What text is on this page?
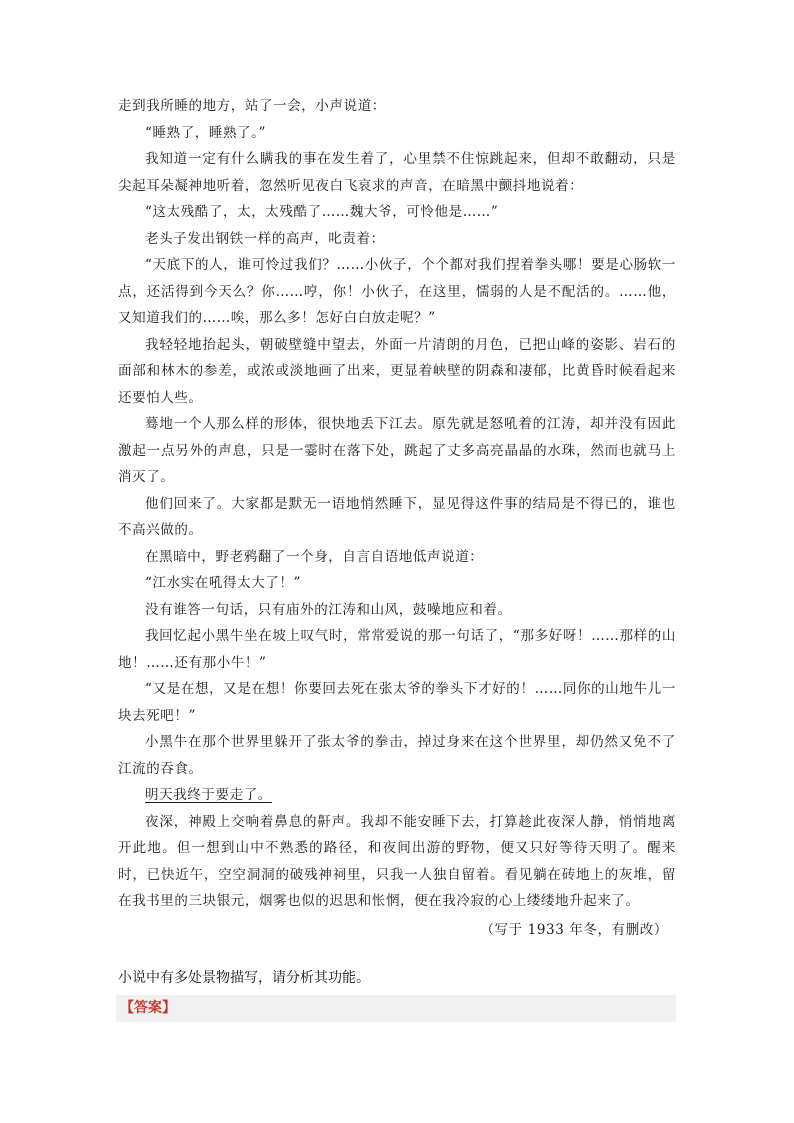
走到我所睡的地方，站了一会，小声说道：

“睡熟了，睡熟了。”

我知道一定有什么瞒我的事在发生着了，心里禁不住惊跳起来，但却不敢翻动，只是尖起耳朵凝神地听着，忽然听见夜白飞哀求的声音，在暗黑中颤抖地说着：

“这太残酷了，太，太残酷了……魏大爷，可怜他是……”

老头子发出钢铁一样的高声，叱责着：

“天底下的人，谁可怜过我们？……小伙子，个个都对我们捏着拳头哪！要是心肠软一点，还活得到今天么？你……哼，你！小伙子，在这里，懦弱的人是不配活的。……他，又知道我们的……唉，那么多！怎好白白放走呢？”

我轻轻地抬起头，朝破壁缝中望去，外面一片清朗的月色，已把山峰的姿影、岩石的面部和林木的参差，或浓或淡地画了出来，更显着峡壁的阴森和凄郁，比黄昏时候看起来还要怕人些。

蓦地一个人那么样的形体，很快地丢下江去。原先就是怒吼着的江涛，却并没有因此激起一点另外的声息，只是一霎时在落下处，跳起了丈多高亮晶晶的水珠，然而也就马上消灭了。

他们回来了。大家都是默无一语地悄然睡下，显见得这件事的结局是不得已的，谁也不高兴做的。

在黑暗中，野老鸦翻了一个身，自言自语地低声说道：

“江水实在吼得太大了！”

没有谁答一句话，只有庙外的江涛和山风，鼓噪地应和着。

我回忆起小黑牛坐在坡上叹气时，常常爱说的那一句话了，“那多好呀！……那样的山地！……还有那小牛！”

“又是在想，又是在想！你要回去死在张太爷的拳头下才好的！……同你的山地牛儿一块去死吧！”

小黑牛在那个世界里躲开了张太爷的拳击，掉过身来在这个世界里，却仍然又免不了江流的吞食。

明天我终于要走了。

夜深，神殿上交响着鼻息的鼾声。我却不能安睡下去，打算趁此夜深人静，悄悄地离开此地。但一想到山中不熟悉的路径，和夜间出游的野物，便又只好等待天明了。醒来时，已快近午，空空洞洞的破残神祠里，只我一人独自留着。看见躺在砖地上的灰堆，留在我书里的三块银元，烟雾也似的迟思和怅惘，便在我冷寂的心上缕缕地升起来了。

（写于 1933 年冬，有删改）

小说中有多处景物描写，请分析其功能。

【答案】
